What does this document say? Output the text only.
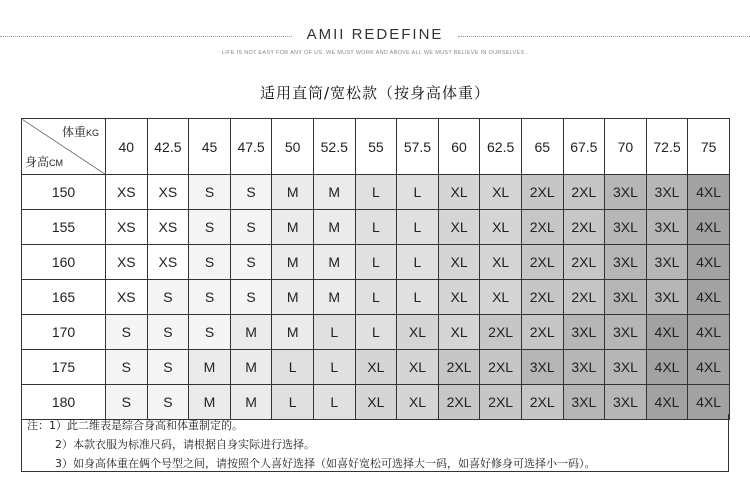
AMII REDEFINE
LIFE IS NOT EASY FOR ANY OF US. WE MUST WORK AND ABOVE ALL WE MUST BELIEVE IN OURSELVES .
适用直筒/宽松款（按身高体重）
体重KG
身高CM	40	42.5	45	47.5	50	52.5	55	57.5	60	62.5	65	67.5	70	72.5	75
150	XS	XS	S	S	M	M	L	L	XL	XL	2XL	2XL	3XL	3XL	4XL
155	XS	XS	S	S	M	M	L	L	XL	XL	2XL	2XL	3XL	3XL	4XL
160	XS	XS	S	S	M	M	L	L	XL	XL	2XL	2XL	3XL	3XL	4XL
165	XS	S	S	S	M	M	L	L	XL	XL	2XL	2XL	3XL	3XL	4XL
170	S	S	S	M	M	L	L	XL	XL	2XL	2XL	3XL	3XL	4XL	4XL
175	S	S	M	M	L	L	XL	XL	2XL	2XL	3XL	3XL	3XL	4XL	4XL
180	S	S	M	M	L	L	XL	XL	2XL	2XL	2XL	3XL	3XL	4XL	4XL
注：1）此二维表是综合身高和体重制定的。
2）本款衣服为标准尺码，请根据自身实际进行选择。
3）如身高体重在俩个号型之间，请按照个人喜好选择（如喜好宽松可选择大一码，如喜好修身可选择小一码）。
